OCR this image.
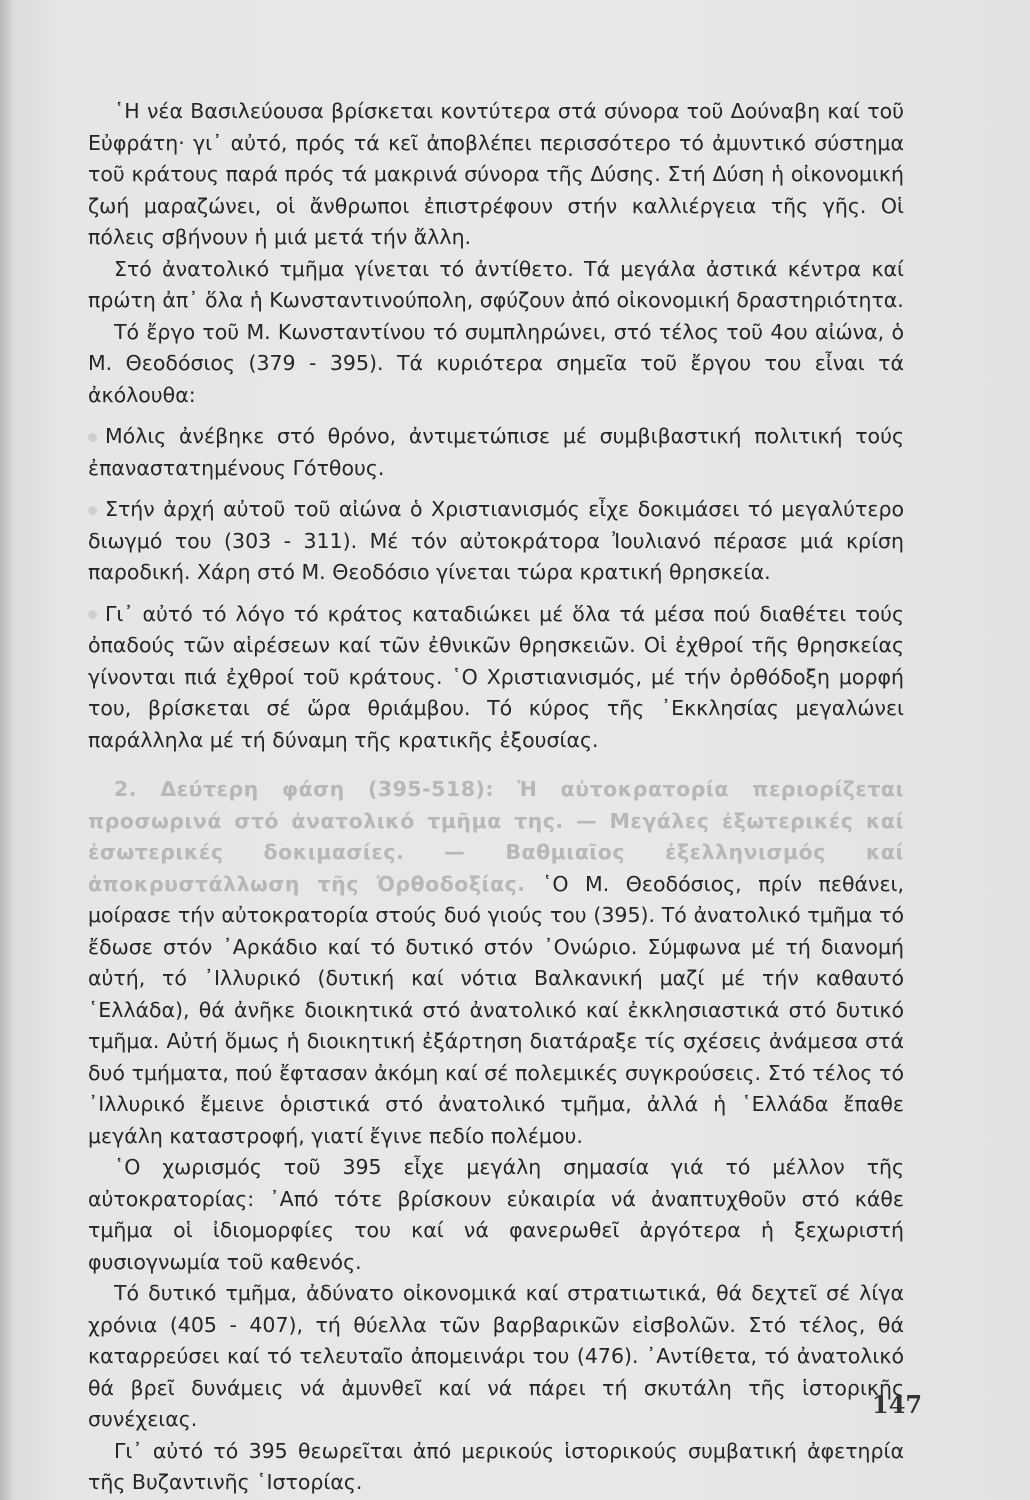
῾Η νέα Βασιλεύουσα βρίσκεται κοντύτερα στά σύνορα τοῦ Δούναβη καί τοῦ Εὐφράτη· γι᾽ αὐτό, πρός τά κεῖ ἀποβλέπει περισσότερο τό ἀμυντικό σύστημα τοῦ κράτους παρά πρός τά μακρινά σύνορα τῆς Δύσης. Στή Δύση ἡ οἰκονομική ζωή μαραζώνει, οἱ ἄνθρωποι ἐπιστρέφουν στήν καλλιέργεια τῆς γῆς. Οἱ πόλεις σβήνουν ἡ μιά μετά τήν ἄλλη.

Στό ἀνατολικό τμῆμα γίνεται τό ἀντίθετο. Τά μεγάλα ἀστικά κέντρα καί πρώτη ἀπ᾽ ὅλα ἡ Κωνσταντινούπολη, σφύζουν ἀπό οἰκονομική δραστηριότητα.

Τό ἔργο τοῦ Μ. Κωνσταντίνου τό συμπληρώνει, στό τέλος τοῦ 4ου αἰώνα, ὁ Μ. Θεοδόσιος (379 - 395). Τά κυριότερα σημεῖα τοῦ ἔργου του εἶναι τά ἀκόλουθα:

Μόλις ἀνέβηκε στό θρόνο, ἀντιμετώπισε μέ συμβιβαστική πολιτική τούς ἐπαναστατημένους Γότθους.

Στήν ἀρχή αὐτοῦ τοῦ αἰώνα ὁ Χριστιανισμός εἶχε δοκιμάσει τό μεγαλύτερο διωγμό του (303 - 311). Μέ τόν αὐτοκράτορα Ἰουλιανό πέρασε μιά κρίση παροδική. Χάρη στό Μ. Θεοδόσιο γίνεται τώρα κρατική θρησκεία.

Γι᾽ αὐτό τό λόγο τό κράτος καταδιώκει μέ ὅλα τά μέσα πού διαθέτει τούς ὀπαδούς τῶν αἱρέσεων καί τῶν ἐθνικῶν θρησκειῶν. Οἱ ἐχθροί τῆς θρησκείας γίνονται πιά ἐχθροί τοῦ κράτους. ῾Ο Χριστιανισμός, μέ τήν ὀρθόδοξη μορφή του, βρίσκεται σέ ὥρα θριάμβου. Τό κύρος τῆς ᾿Εκκλησίας μεγαλώνει παράλληλα μέ τή δύναμη τῆς κρατικῆς ἐξουσίας.

2. Δεύτερη φάση (395-518): Ἡ αὐτοκρατορία περιορίζεται προσωρινά στό ἀνατολικό τμῆμα της. — Μεγάλες ἐξωτερικές καί ἐσωτερικές δοκιμασίες. — Βαθμιαῖος ἐξελληνισμός καί ἀποκρυστάλλωση τῆς Ὀρθοδοξίας. ῾Ο Μ. Θεοδόσιος, πρίν πεθάνει, μοίρασε τήν αὐτοκρατορία στούς δυό γιούς του (395). Τό ἀνατολικό τμῆμα τό ἔδωσε στόν ᾿Αρκάδιο καί τό δυτικό στόν ᾿Ονώριο. Σύμφωνα μέ τή διανομή αὐτή, τό ᾿Ιλλυρικό (δυτική καί νότια Βαλκανική μαζί μέ τήν καθαυτό ῾Ελλάδα), θά ἀνῆκε διοικητικά στό ἀνατολικό καί ἐκκλησιαστικά στό δυτικό τμῆμα. Αὐτή ὅμως ἡ διοικητική ἐξάρτηση διατάραξε τίς σχέσεις ἀνάμεσα στά δυό τμήματα, πού ἔφτασαν ἀκόμη καί σέ πολεμικές συγκρούσεις. Στό τέλος τό ᾿Ιλλυρικό ἔμεινε ὁριστικά στό ἀνατολικό τμῆμα, ἀλλά ἡ ῾Ελλάδα ἔπαθε μεγάλη καταστροφή, γιατί ἔγινε πεδίο πολέμου.

῾Ο χωρισμός τοῦ 395 εἶχε μεγάλη σημασία γιά τό μέλλον τῆς αὐτοκρατορίας: ᾿Από τότε βρίσκουν εὐκαιρία νά ἀναπτυχθοῦν στό κάθε τμῆμα οἱ ἰδιομορφίες του καί νά φανερωθεῖ ἀργότερα ἡ ξεχωριστή φυσιογνωμία τοῦ καθενός.

Τό δυτικό τμῆμα, ἀδύνατο οἰκονομικά καί στρατιωτικά, θά δεχτεῖ σέ λίγα χρόνια (405 - 407), τή θύελλα τῶν βαρβαρικῶν εἰσβολῶν. Στό τέλος, θά καταρρεύσει καί τό τελευταῖο ἀπομεινάρι του (476). ᾿Αντίθετα, τό ἀνατολικό θά βρεῖ δυνάμεις νά ἀμυνθεῖ καί νά πάρει τή σκυτάλη τῆς ἱστορικῆς συνέχειας.

Γι᾽ αὐτό τό 395 θεωρεῖται ἀπό μερικούς ἱστορικούς συμβατική ἀφετηρία τῆς Βυζαντινῆς ῾Ιστορίας.

147
